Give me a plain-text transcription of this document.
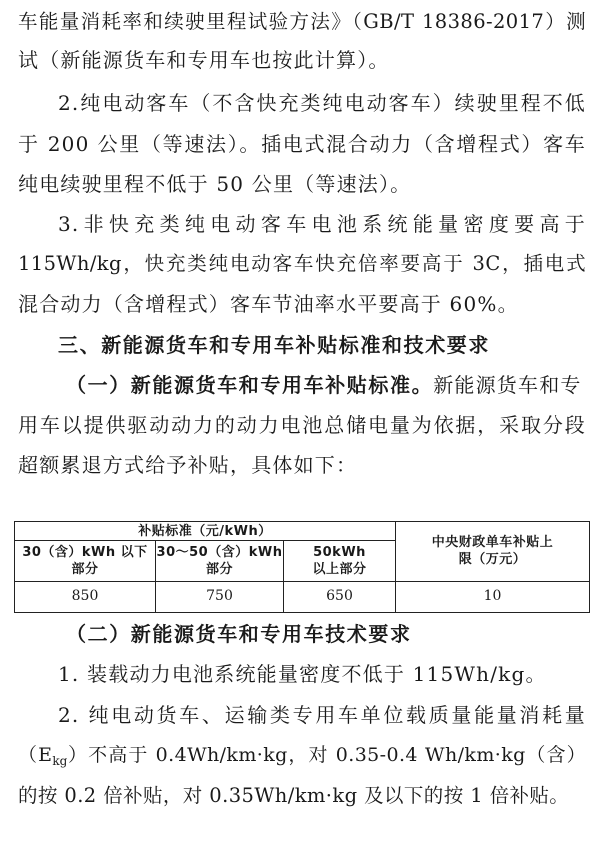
车能量消耗率和续驶里程试验方法》（GB/T 18386-2017）测
试（新能源货车和专用车也按此计算）。
2.纯电动客车（不含快充类纯电动客车）续驶里程不低
于 200 公里（等速法）。插电式混合动力（含增程式）客车
纯电续驶里程不低于 50 公里（等速法）。
3.非快充类纯电动客车电池系统能量密度要高于
115Wh/kg，快充类纯电动客车快充倍率要高于 3C，插电式
混合动力（含增程式）客车节油率水平要高于 60%。
三、新能源货车和专用车补贴标准和技术要求
（一）新能源货车和专用车补贴标准。新能源货车和专
用车以提供驱动动力的动力电池总储电量为依据，采取分段
超额累退方式给予补贴，具体如下：
补贴标准（元/kWh）			中央财政单车补贴上
限（万元）
30（含）kWh 以下
部分	30～50（含）kWh
部分	50kWh
以上部分	
850	750	650	10
（二）新能源货车和专用车技术要求
1. 装载动力电池系统能量密度不低于 115Wh/kg。
2. 纯电动货车、运输类专用车单位载质量能量消耗量
$(E_{kg})$不高于 0.4Wh/km·kg，对 0.35-0.4 Wh/km·kg（含）
的按 0.2 倍补贴，对 0.35Wh/km·kg 及以下的按 1 倍补贴。
